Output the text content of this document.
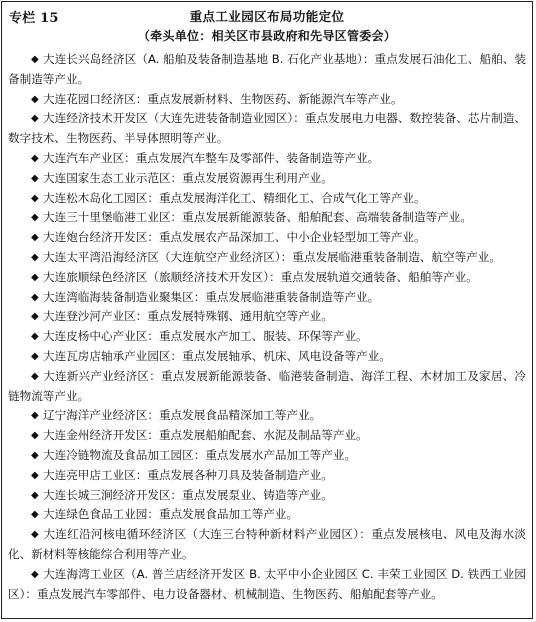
专栏 15	重点工业园区布局功能定位
（牵头单位：相关区市县政府和先导区管委会）
◆ 大连长兴岛经济区（A. 船舶及装备制造基地 B. 石化产业基地）：重点发展石油化工、船舶、装备制造等产业。
◆ 大连花园口经济区：重点发展新材料、生物医药、新能源汽车等产业。
◆ 大连经济技术开发区（大连先进装备制造业园区）：重点发展电力电器、数控装备、芯片制造、数字技术、生物医药、半导体照明等产业。
◆ 大连汽车产业区：重点发展汽车整车及零部件、装备制造等产业。
◆ 大连国家生态工业示范区：重点发展资源再生利用产业。
◆ 大连松木岛化工园区：重点发展海洋化工、精细化工、合成气化工等产业。
◆ 大连三十里堡临港工业区：重点发展新能源装备、船舶配套、高端装备制造等产业。
◆ 大连炮台经济开发区：重点发展农产品深加工、中小企业轻型加工等产业。
◆ 大连太平湾沿海经济区（大连航空产业经济区）：重点发展临港重装备制造、航空等产业。
◆ 大连旅顺绿色经济区（旅顺经济技术开发区）：重点发展轨道交通装备、船舶等产业。
◆ 大连湾临海装备制造业聚集区：重点发展临港重装备制造等产业。
◆ 大连登沙河产业区：重点发展特殊钢、通用航空等产业。
◆ 大连皮杨中心产业区：重点发展水产加工、服装、环保等产业。
◆ 大连瓦房店轴承产业园区：重点发展轴承、机床、风电设备等产业。
◆ 大连新兴产业经济区：重点发展新能源装备、临港装备制造、海洋工程、木材加工及家居、冷链物流等产业。
◆ 辽宁海洋产业经济区：重点发展食品精深加工等产业。
◆ 大连金州经济开发区：重点发展船舶配套、水泥及制品等产业。
◆ 大连冷链物流及食品加工园区：重点发展水产品加工等产业。
◆ 大连亮甲店工业区：重点发展各种刀具及装备制造产业。
◆ 大连长城三涧经济开发区：重点发展泵业、铸造等产业。
◆ 大连绿色食品工业园：重点发展食品加工等产业。
◆ 大连红沿河核电循环经济区（大连三台特种新材料产业园区）：重点发展核电、风电及海水淡化、新材料等核能综合利用等产业。
◆ 大连海湾工业区（A. 普兰店经济开发区 B. 太平中小企业园区 C. 丰荣工业园区 D. 铁西工业园区）：重点发展汽车零部件、电力设备器材、机械制造、生物医药、船舶配套等产业。
